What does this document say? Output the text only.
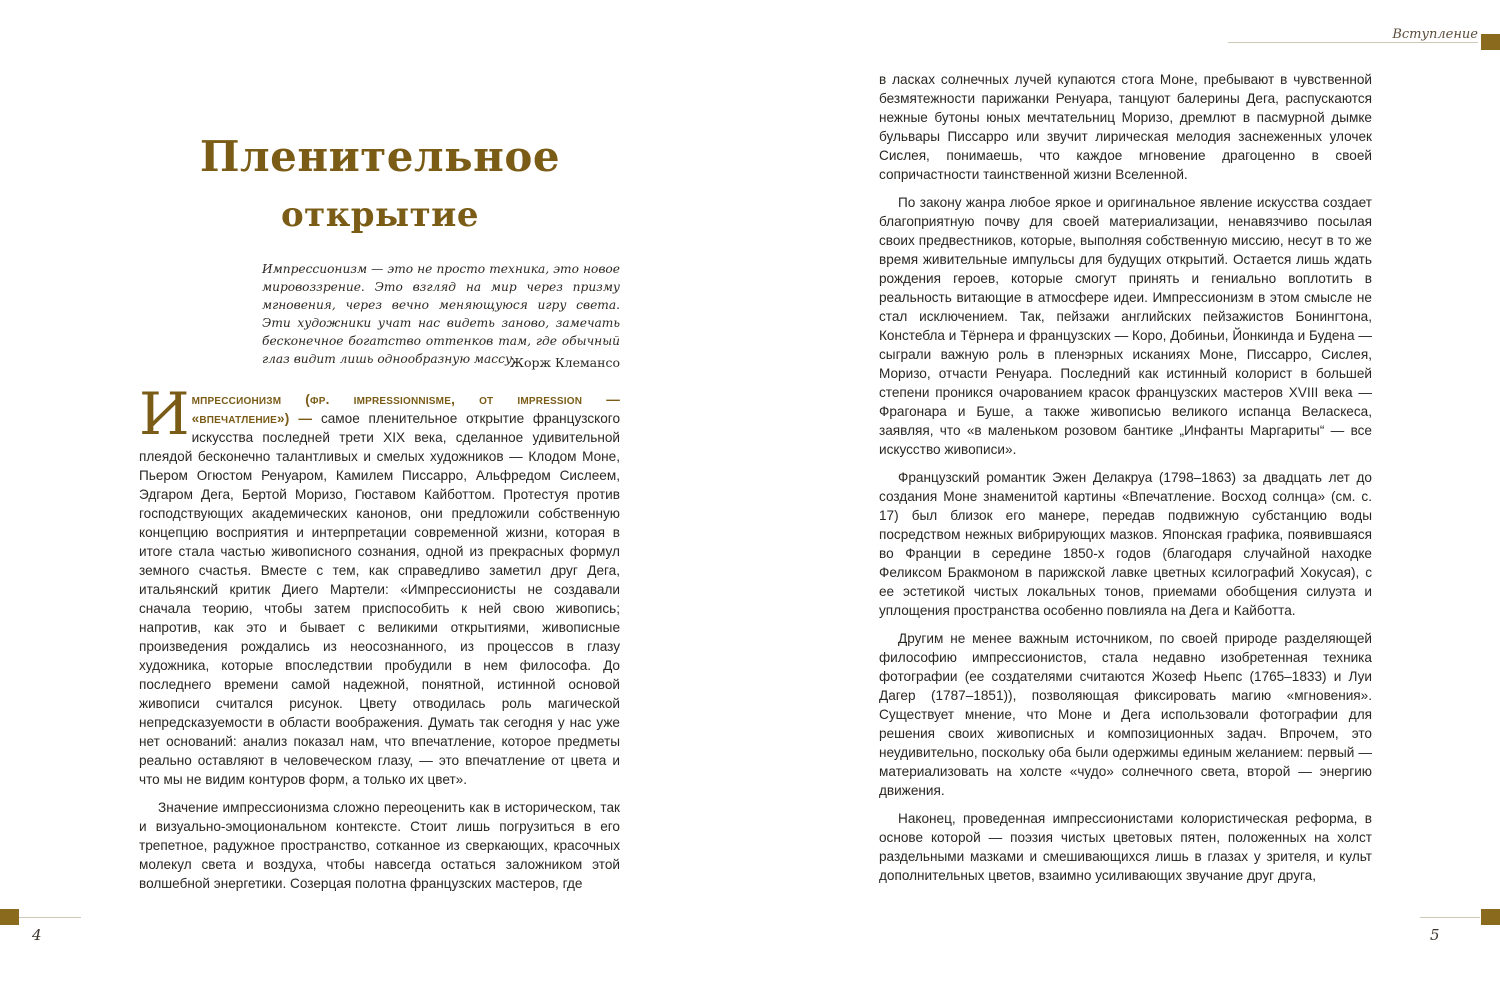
Пленительное
открытие

Импрессионизм — это не просто техника, это новое мировоззрение. Это взгляд на мир через призму мгновения, через вечно меняющуюся игру света. Эти художники учат нас видеть заново, замечать бесконечное богатство оттенков там, где обычный глаз видит лишь однообразную массу.

Жорж Клемансо

Импрессионизм (фр. impressionnisme, от impression — «впечатление») — самое пленительное открытие французского искусства последней трети XIX века, сделанное удивительной плеядой бесконечно талантливых и смелых художников — Клодом Моне, Пьером Огюстом Ренуаром, Камилем Писсарро, Альфредом Сислеем, Эдгаром Дега, Бертой Моризо, Гюставом Кайботтом. Протестуя против господствующих академических канонов, они предложили собственную концепцию восприятия и интерпретации современной жизни, которая в итоге стала частью живописного сознания, одной из прекрасных формул земного счастья. Вместе с тем, как справедливо заметил друг Дега, итальянский критик Диего Мартели: «Импрессионисты не создавали сначала теорию, чтобы затем приспособить к ней свою живопись; напротив, как это и бывает с великими открытиями, живописные произведения рождались из неосознанного, из процессов в глазу художника, которые впоследствии пробудили в нем философа. До последнего времени самой надежной, понятной, истинной основой живописи считался рисунок. Цвету отводилась роль магической непредсказуемости в области воображения. Думать так сегодня у нас уже нет оснований: анализ показал нам, что впечатление, которое предметы реально оставляют в человеческом глазу, — это впечатление от цвета и что мы не видим контуров форм, а только их цвет».

Значение импрессионизма сложно переоценить как в историческом, так и визуально-эмоциональном контексте. Стоит лишь погрузиться в его трепетное, радужное пространство, сотканное из сверкающих, красочных молекул света и воздуха, чтобы навсегда остаться заложником этой волшебной энергетики. Созерцая полотна французских мастеров, где

4
Вступление

в ласках солнечных лучей купаются стога Моне, пребывают в чувственной безмятежности парижанки Ренуара, танцуют балерины Дега, распускаются нежные бутоны юных мечтательниц Моризо, дремлют в пасмурной дымке бульвары Писсарро или звучит лирическая мелодия заснеженных улочек Сислея, понимаешь, что каждое мгновение драгоценно в своей сопричастности таинственной жизни Вселенной.

По закону жанра любое яркое и оригинальное явление искусства создает благоприятную почву для своей материализации, ненавязчиво посылая своих предвестников, которые, выполняя собственную миссию, несут в то же время живительные импульсы для будущих открытий. Остается лишь ждать рождения героев, которые смогут принять и гениально воплотить в реальность витающие в атмосфере идеи. Импрессионизм в этом смысле не стал исключением. Так, пейзажи английских пейзажистов Бонингтона, Констебла и Тёрнера и французских — Коро, Добиньи, Йонкинда и Будена — сыграли важную роль в пленэрных исканиях Моне, Писсарро, Сислея, Моризо, отчасти Ренуара. Последний как истинный колорист в большей степени проникся очарованием красок французских мастеров XVIII века — Фрагонара и Буше, а также живописью великого испанца Веласкеса, заявляя, что «в маленьком розовом бантике „Инфанты Маргариты“ — все искусство живописи».

Французский романтик Эжен Делакруа (1798–1863) за двадцать лет до создания Моне знаменитой картины «Впечатление. Восход солнца» (см. с. 17) был близок его манере, передав подвижную субстанцию воды посредством нежных вибрирующих мазков. Японская графика, появившаяся во Франции в середине 1850-х годов (благодаря случайной находке Феликсом Бракмоном в парижской лавке цветных ксилографий Хокусая), с ее эстетикой чистых локальных тонов, приемами обобщения силуэта и уплощения пространства особенно повлияла на Дега и Кайботта.

Другим не менее важным источником, по своей природе разделяющей философию импрессионистов, стала недавно изобретенная техника фотографии (ее создателями считаются Жозеф Ньепс (1765–1833) и Луи Дагер (1787–1851)), позволяющая фиксировать магию «мгновения». Существует мнение, что Моне и Дега использовали фотографии для решения своих живописных и композиционных задач. Впрочем, это неудивительно, поскольку оба были одержимы единым желанием: первый — материализовать на холсте «чудо» солнечного света, второй — энергию движения.

Наконец, проведенная импрессионистами колористическая реформа, в основе которой — поэзия чистых цветовых пятен, положенных на холст раздельными мазками и смешивающихся лишь в глазах у зрителя, и культ дополнительных цветов, взаимно усиливающих звучание друг друга,

5
